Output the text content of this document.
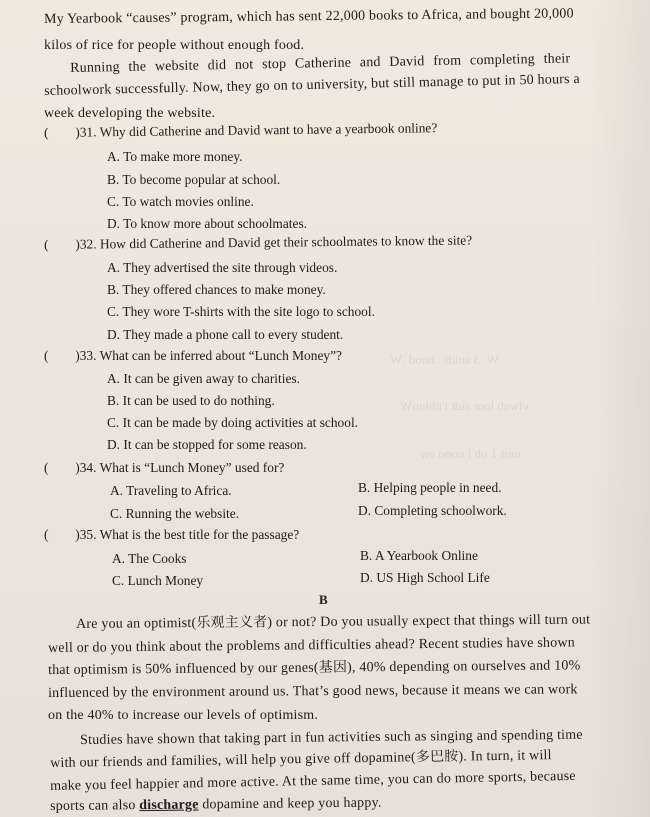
W .3 anidi . hood .W
vlwab loor sidt t'nbluoW
.onit 1 ob l oono aw
My Yearbook “causes” program, which has sent 22,000 books to Africa, and bought 20,000
kilos of rice for people without enough food.
Running the website did not stop Catherine and David from completing their
schoolwork successfully. Now, they go on to university, but still manage to put in 50 hours a
week developing the website.
(  )31. Why did Catherine and David want to have a yearbook online?
A. To make more money.
B. To become popular at school.
C. To watch movies online.
D. To know more about schoolmates.
(  )32. How did Catherine and David get their schoolmates to know the site?
A. They advertised the site through videos.
B. They offered chances to make money.
C. They wore T-shirts with the site logo to school.
D. They made a phone call to every student.
(  )33. What can be inferred about “Lunch Money”?
A. It can be given away to charities.
B. It can be used to do nothing.
C. It can be made by doing activities at school.
D. It can be stopped for some reason.
(  )34. What is “Lunch Money” used for?
A. Traveling to Africa.	B. Helping people in need.
C. Running the website.	D. Completing schoolwork.
(  )35. What is the best title for the passage?
A. The Cooks	B. A Yearbook Online
C. Lunch Money	D. US High School Life
B
Are you an optimist(乐观主义者) or not? Do you usually expect that things will turn out
well or do you think about the problems and difficulties ahead? Recent studies have shown
that optimism is 50% influenced by our genes(基因), 40% depending on ourselves and 10%
influenced by the environment around us. That’s good news, because it means we can work
on the 40% to increase our levels of optimism.
Studies have shown that taking part in fun activities such as singing and spending time
with our friends and families, will help you give off dopamine(多巴胺). In turn, it will
make you feel happier and more active. At the same time, you can do more sports, because
sports can also discharge dopamine and keep you happy.
